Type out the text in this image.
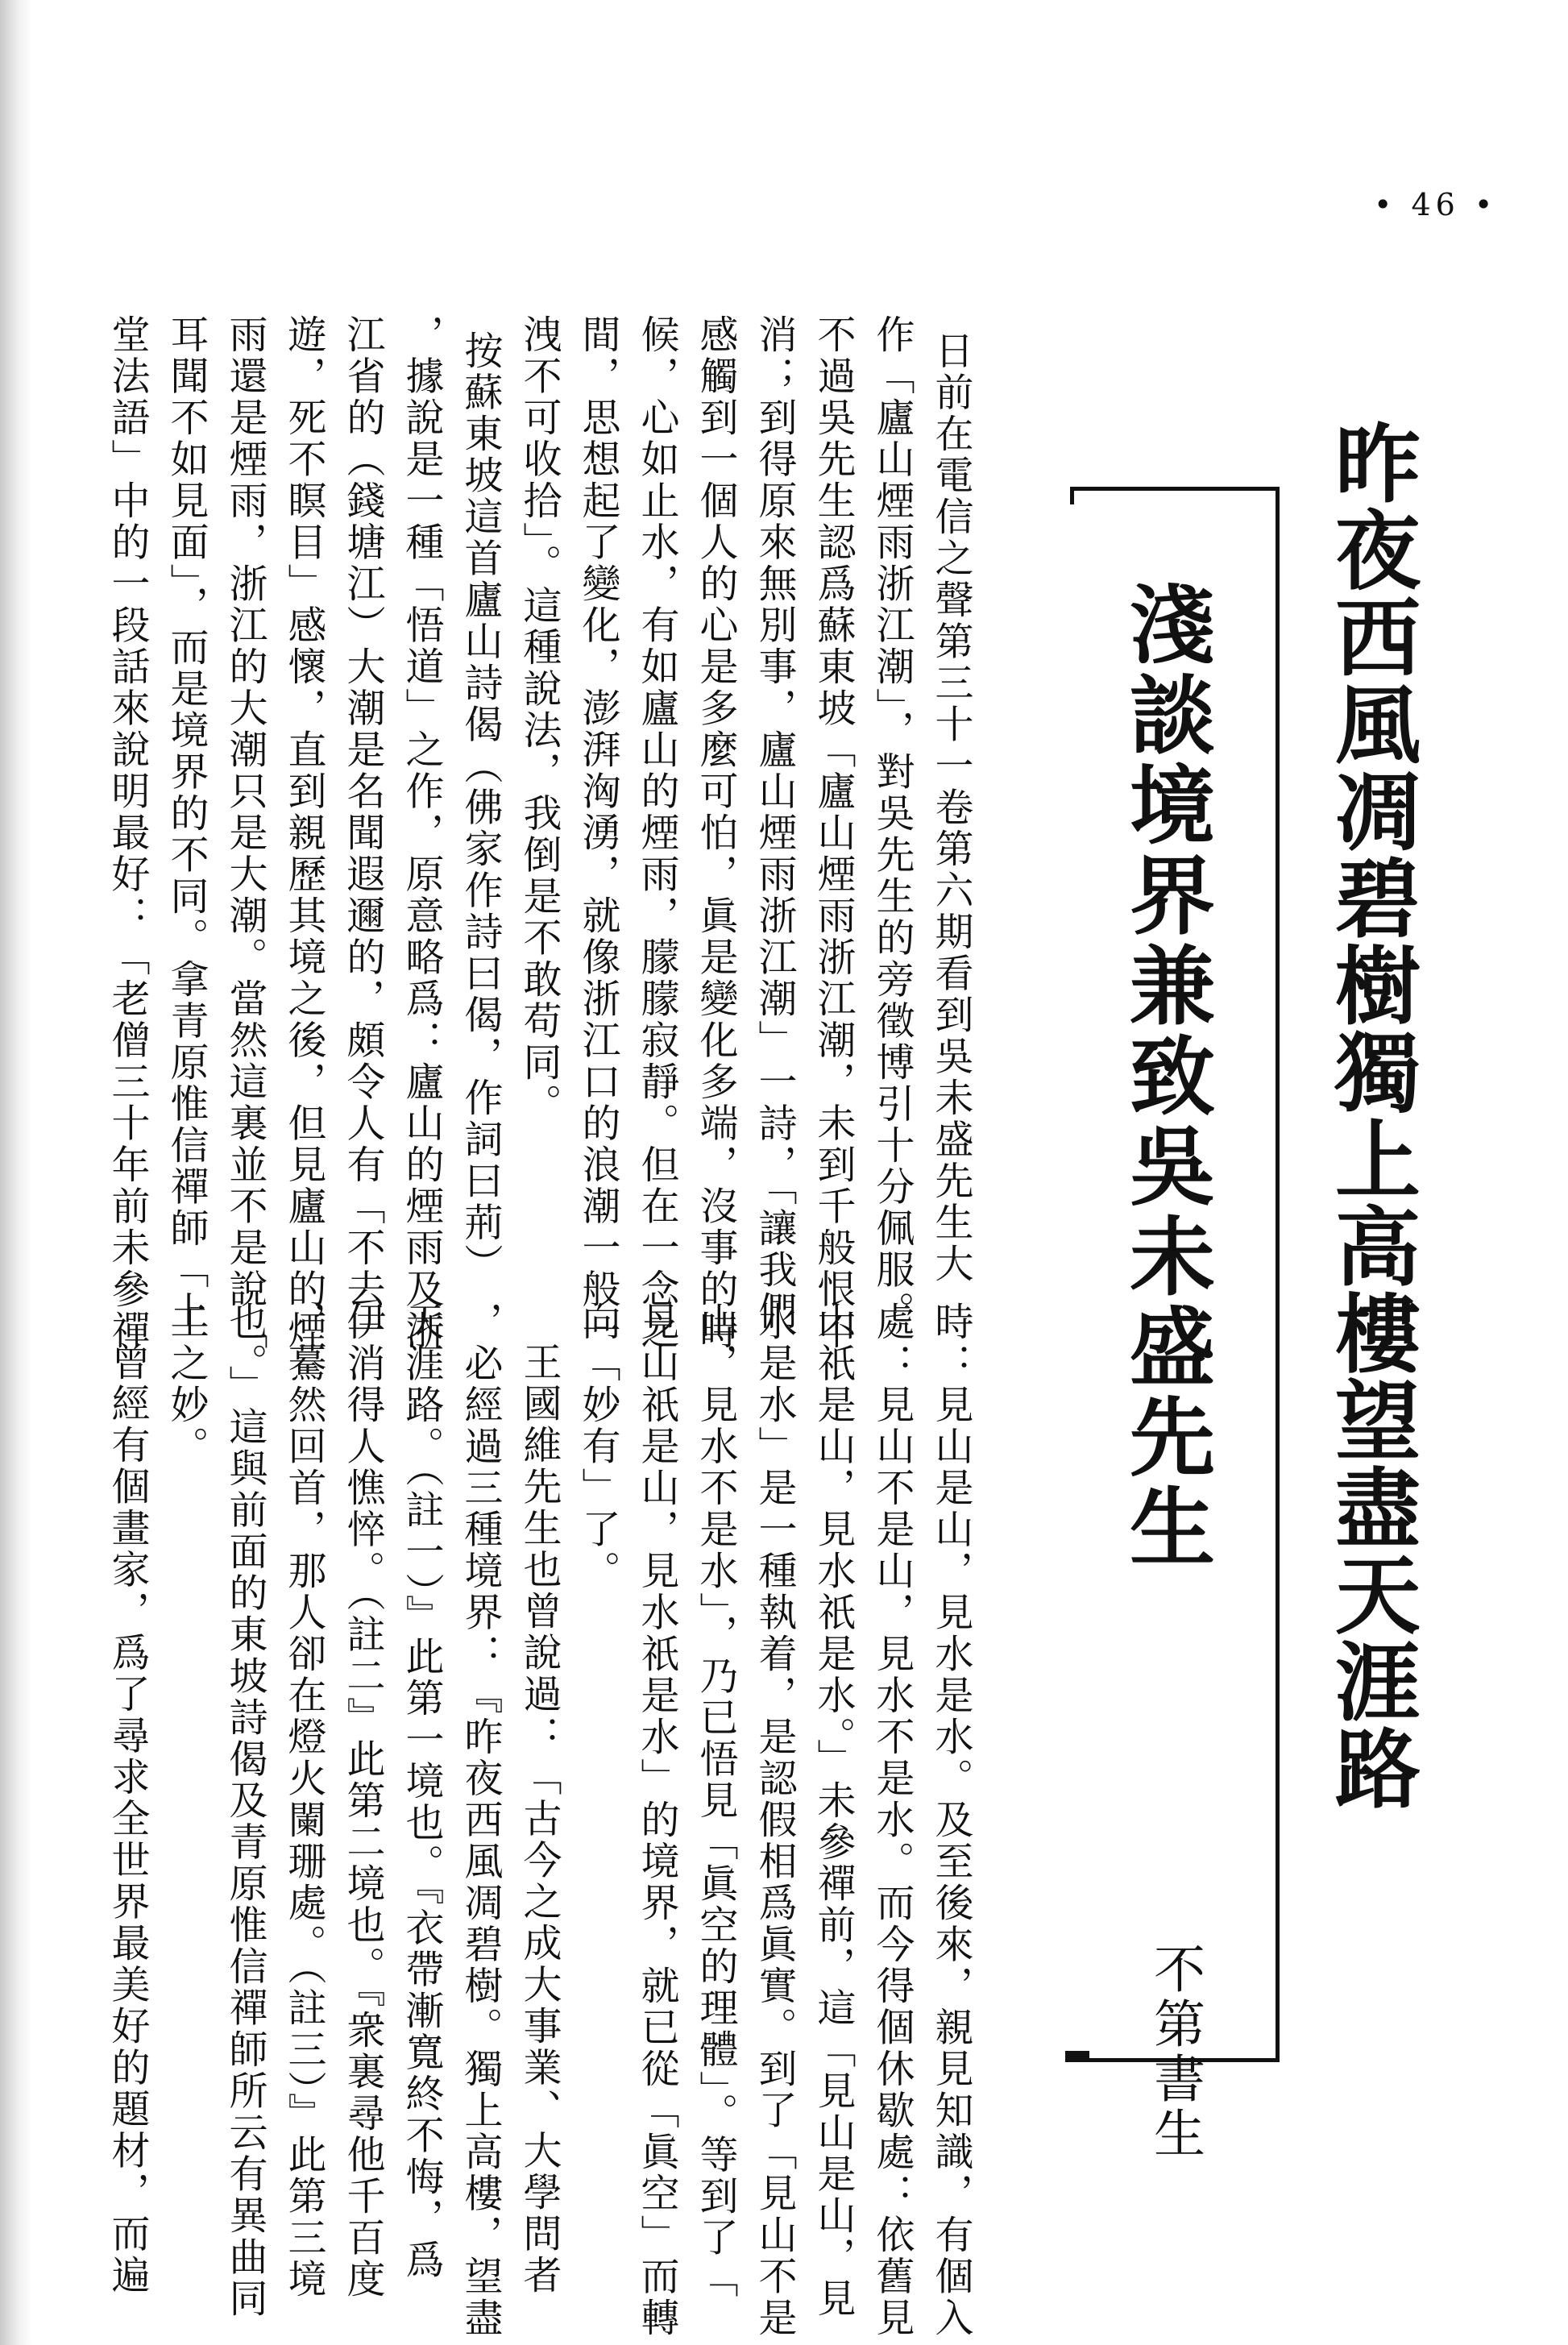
• 46 •
昨夜西風凋碧樹獨上高樓望盡天涯路
淺談境界兼致吳未盛先生
不第書生
日前在電信之聲第三十一卷第六期看到吳未盛先生大
作「廬山煙雨浙江潮」，對吳先生的旁徵博引十分佩服。
不過吳先生認爲蘇東坡「廬山煙雨浙江潮，未到千般恨不
消；到得原來無別事，廬山煙雨浙江潮」一詩，「讓我們
感觸到一個人的心是多麼可怕，眞是變化多端，沒事的時
候，心如止水，有如廬山的煙雨，朦朦寂靜。但在一念之
間，思想起了變化，澎湃洶湧，就像浙江口的浪潮一般一
洩不可收拾」。這種說法，我倒是不敢苟同。
按蘇東坡這首廬山詩偈（佛家作詩曰偈，作詞曰荊）
，據說是一種「悟道」之作，原意略爲：廬山的煙雨及浙
江省的（錢塘江）大潮是名聞遐邇的，頗令人有「不去一
遊，死不瞑目」感懷，直到親歷其境之後，但見廬山的煙
雨還是煙雨，浙江的大潮只是大潮。當然這裏並不是說「
耳聞不如見面」，而是境界的不同。拿青原惟信禪師「上
堂法語」中的一段話來說明最好：「老僧三十年前未參禪
時：見山是山，見水是水。及至後來，親見知識，有個入
處：見山不是山，見水不是水。而今得個休歇處：依舊見
山祇是山，見水祇是水。」未參禪前，這「見山是山，見
水是水」是一種執着，是認假相爲眞實。到了「見山不是
山，見水不是水」，乃已悟見「眞空的理體」。等到了「
見山祇是山，見水祇是水」的境界，就已從「眞空」而轉
向「妙有」了。
王國維先生也曾說過：「古今之成大事業、大學問者
，必經過三種境界：『昨夜西風凋碧樹。獨上高樓，望盡
天涯路。（註一）』此第一境也。『衣帶漸寬終不悔，爲
伊消得人憔悴。（註二』此第二境也。『衆裏尋他千百度
，驀然回首，那人卻在燈火闌珊處。（註三）』此第三境
也。」這與前面的東坡詩偈及青原惟信禪師所云有異曲同
工之妙。
曾經有個畫家，爲了尋求全世界最美好的題材，而遍
